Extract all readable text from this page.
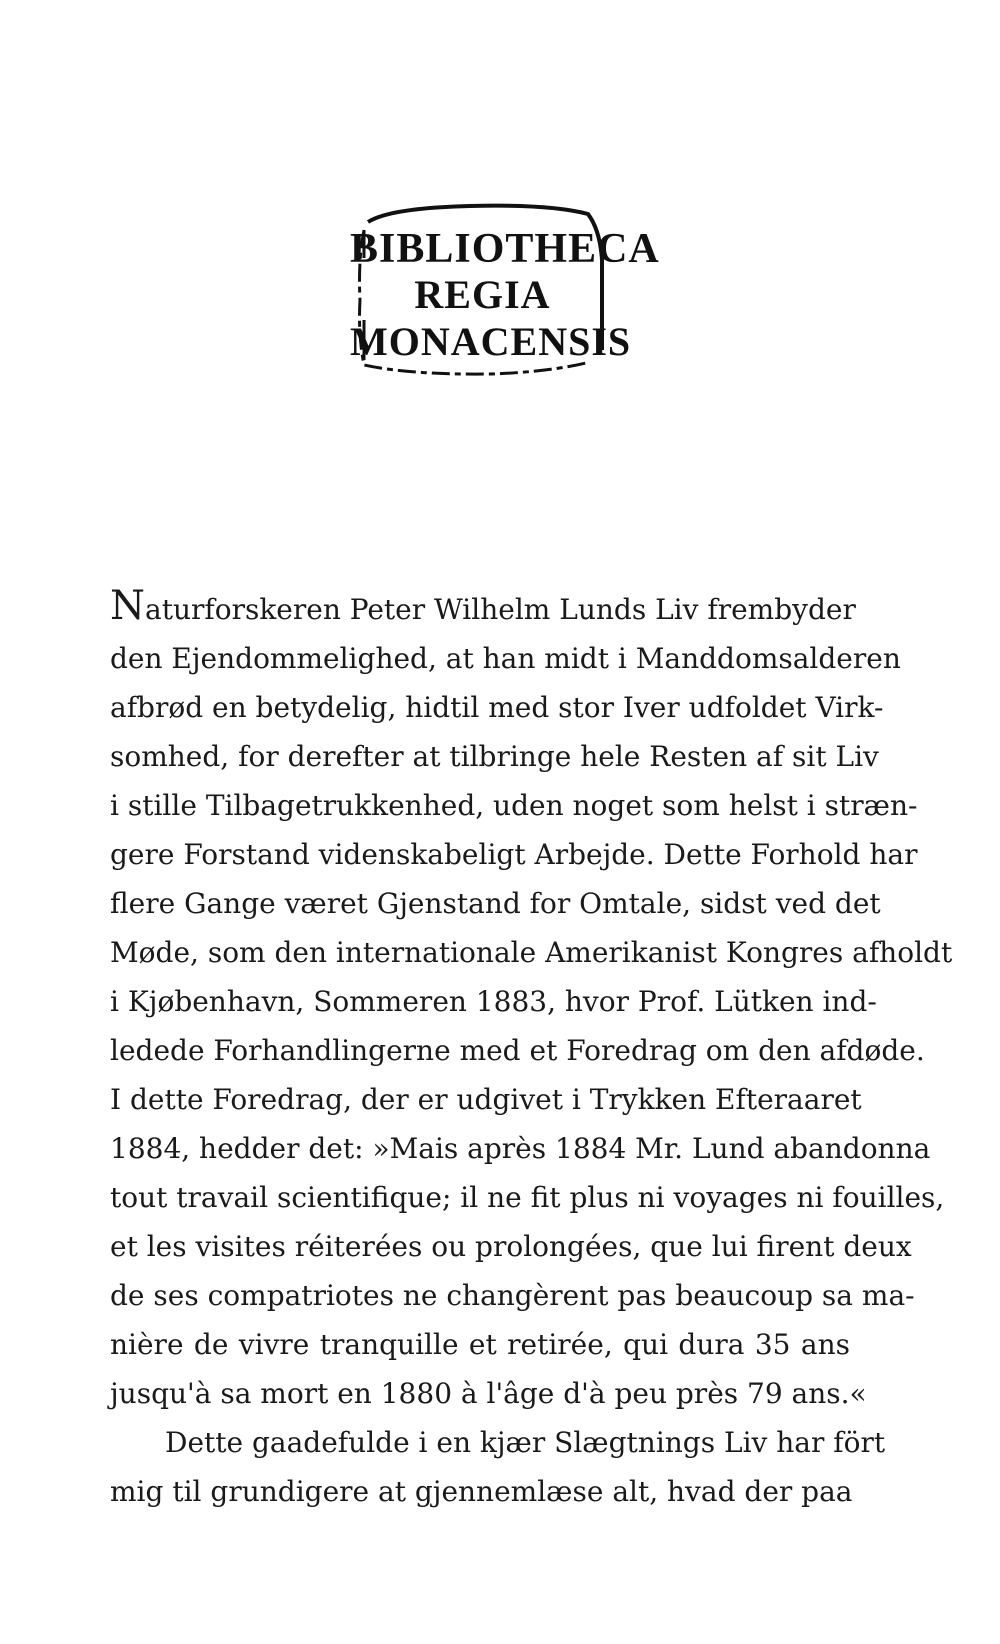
BIBLIOTHECA
REGIA
MONACENSIS
Naturforskeren Peter Wilhelm Lunds Liv frembyder
den Ejendommelighed, at han midt i Manddomsalderen
afbrød en betydelig, hidtil med stor Iver udfoldet Virk-
somhed, for derefter at tilbringe hele Resten af sit Liv
i stille Tilbagetrukkenhed, uden noget som helst i stræn-
gere Forstand videnskabeligt Arbejde. Dette Forhold har
flere Gange været Gjenstand for Omtale, sidst ved det
Møde, som den internationale Amerikanist Kongres afholdt
i Kjøbenhavn, Sommeren 1883, hvor Prof. Lütken ind-
ledede Forhandlingerne med et Foredrag om den afdøde.
I dette Foredrag, der er udgivet i Trykken Efteraaret
1884, hedder det: »Mais après 1884 Mr. Lund abandonna
tout travail scientifique; il ne fit plus ni voyages ni fouilles,
et les visites réiterées ou prolongées, que lui firent deux
de ses compatriotes ne changèrent pas beaucoup sa ma-
nière de vivre tranquille et retirée, qui dura 35 ans
jusqu'à sa mort en 1880 à l'âge d'à peu près 79 ans.«
Dette gaadefulde i en kjær Slægtnings Liv har fört
mig til grundigere at gjennemlæse alt, hvad der paa
